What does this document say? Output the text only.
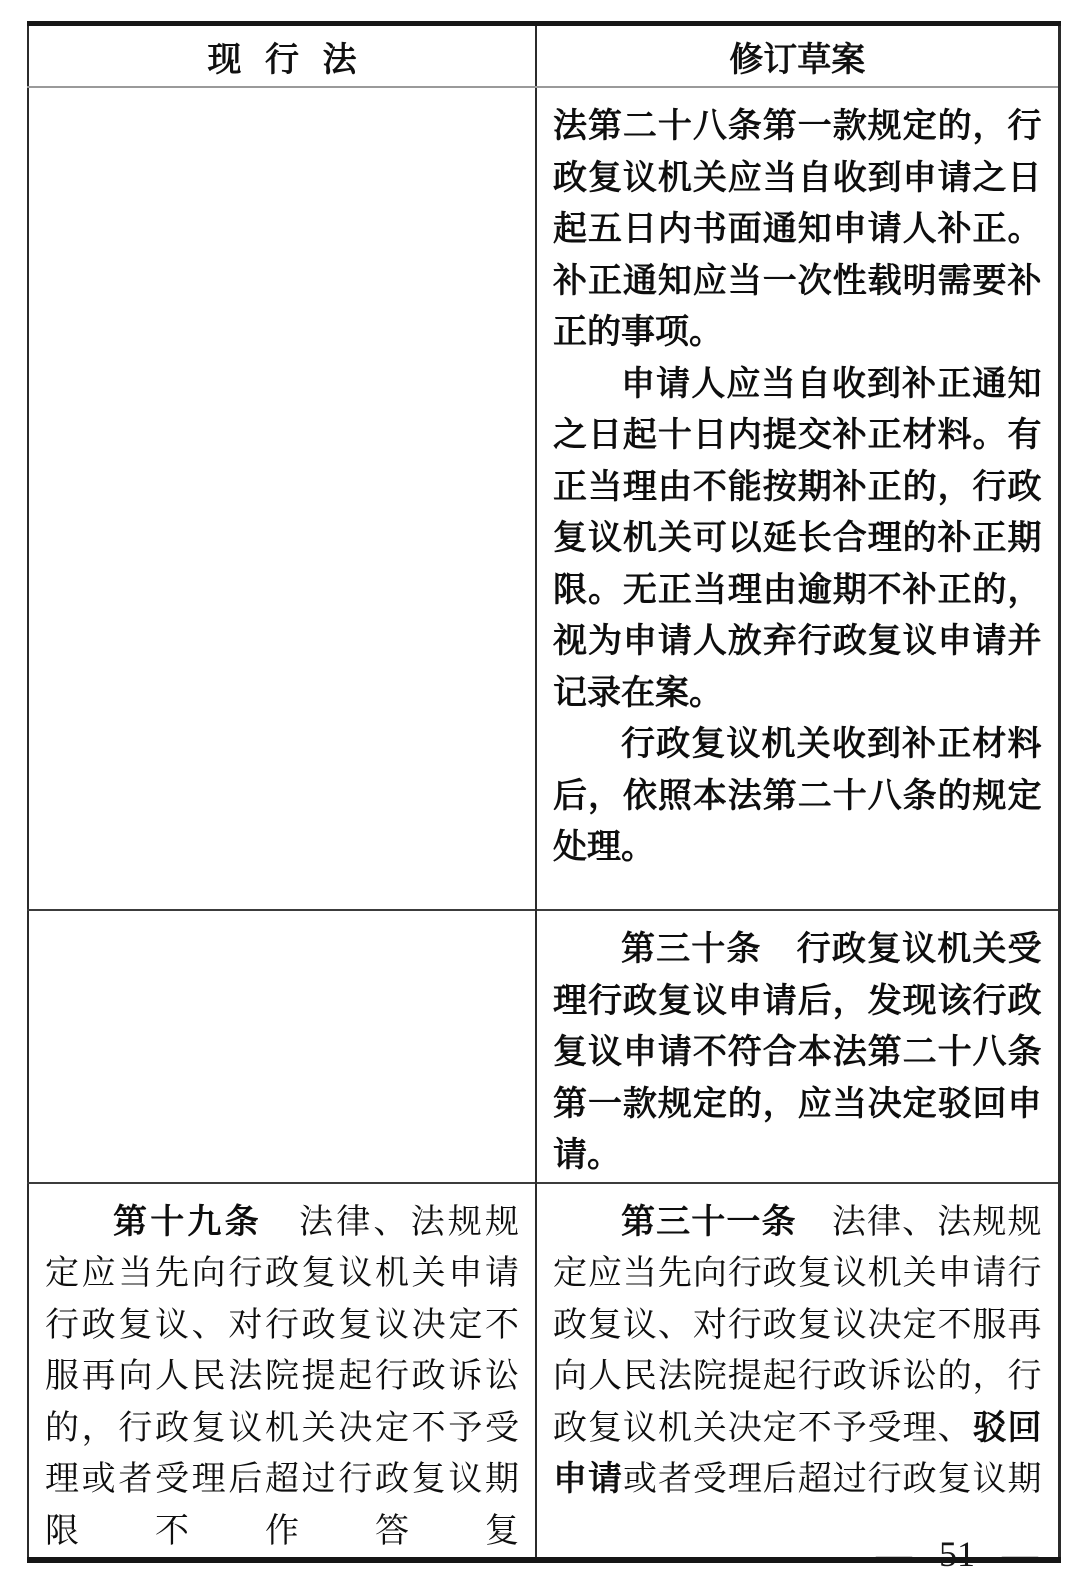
现 行 法	修订草案

	法第二十八条第一款规定的，行政复议机关应当自收到申请之日起五日内书面通知申请人补正。补正通知应当一次性载明需要补正的事项。

申请人应当自收到补正通知之日起十日内提交补正材料。有正当理由不能按期补正的，行政复议机关可以延长合理的补正期限。无正当理由逾期不补正的，视为申请人放弃行政复议申请并记录在案。

行政复议机关收到补正材料后，依照本法第二十八条的规定处理。

	第三十条　行政复议机关受理行政复议申请后，发现该行政复议申请不符合本法第二十八条第一款规定的，应当决定驳回申请。

第十九条　法律、法规规定应当先向行政复议机关申请行政复议、对行政复议决定不服再向人民法院提起行政诉讼的，行政复议机关决定不予受理或者受理后超过行政复议期限不作答复	第三十一条　法律、法规规定应当先向行政复议机关申请行政复议、对行政复议决定不服再向人民法院提起行政诉讼的，行政复议机关决定不予受理、驳回申请或者受理后超过行政复议期

— 51 —
